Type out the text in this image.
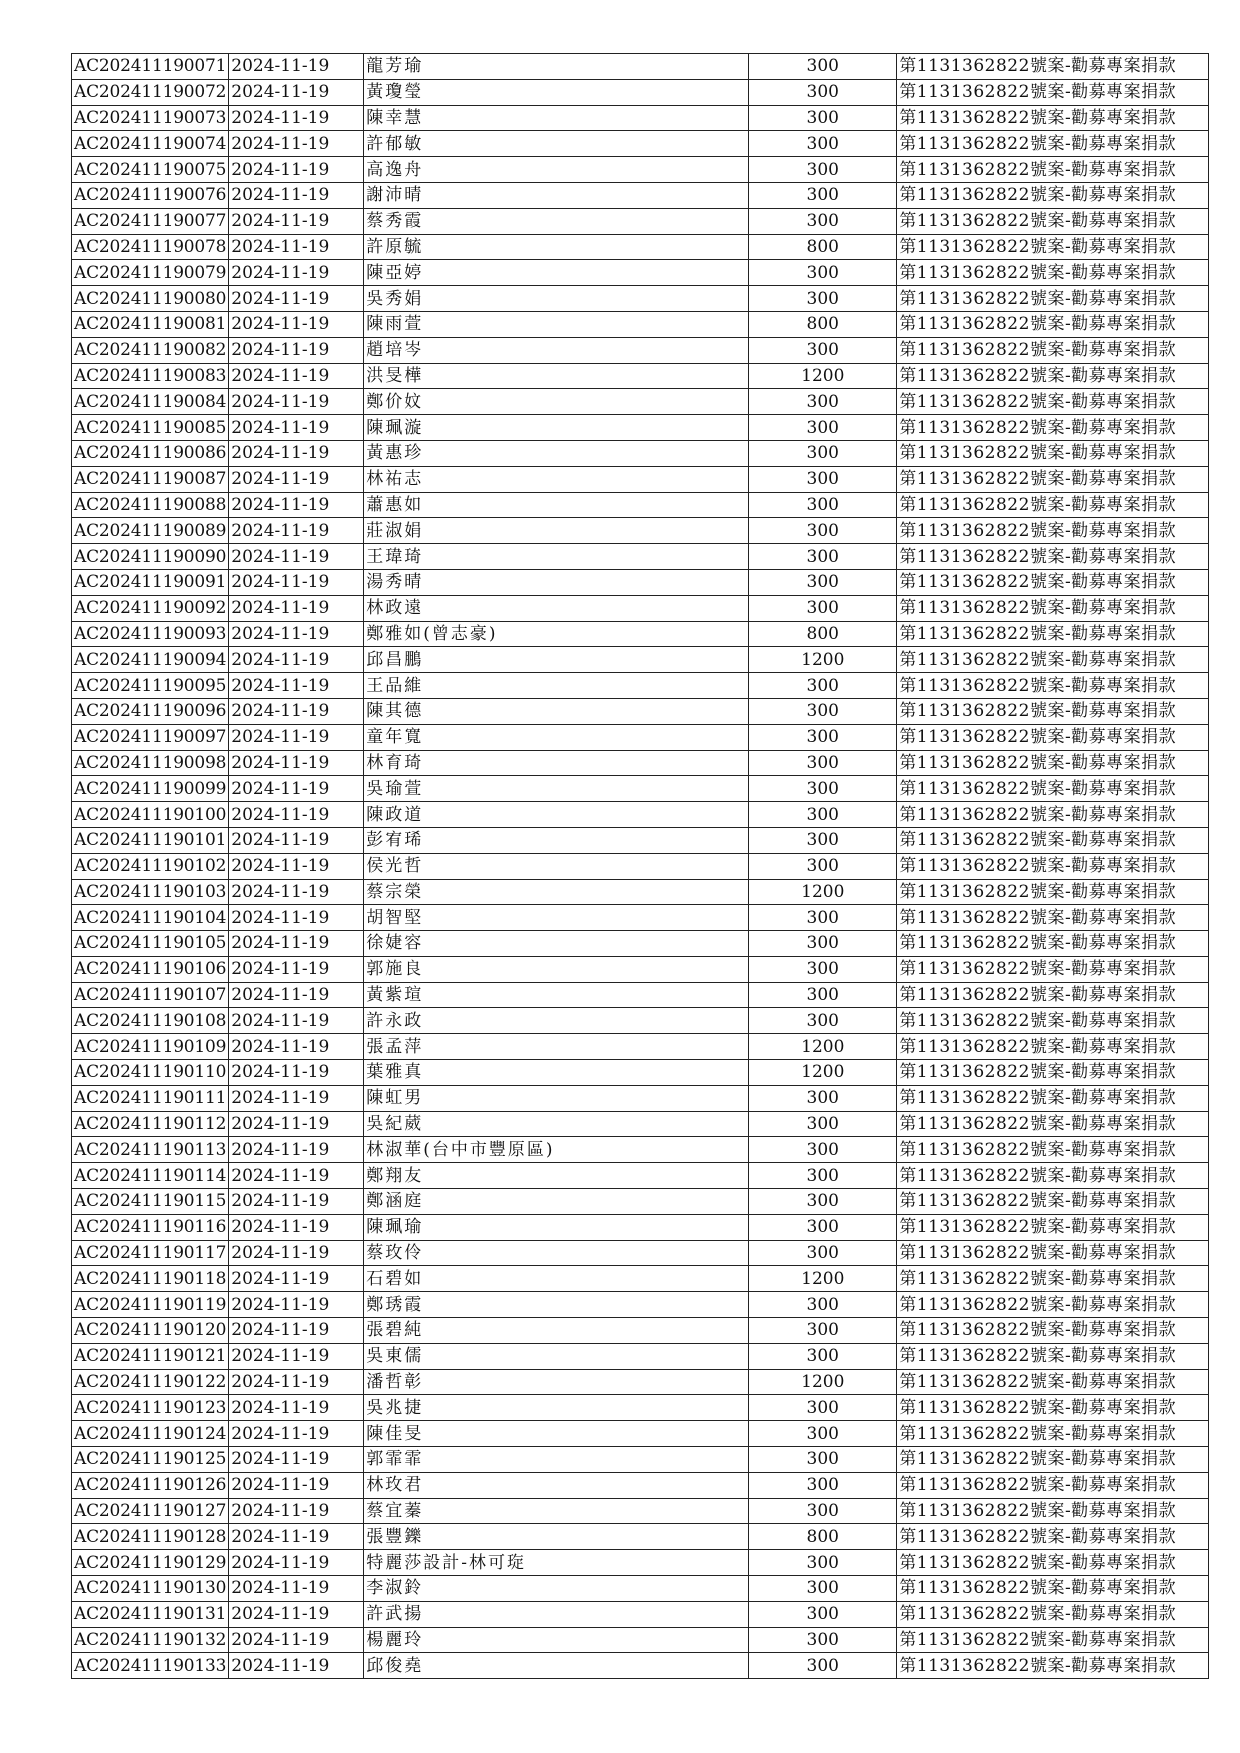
AC202411190071	2024-11-19	龍芳瑜	300	第1131362822號案-勸募專案捐款
AC202411190072	2024-11-19	黃瓊瑩	300	第1131362822號案-勸募專案捐款
AC202411190073	2024-11-19	陳幸慧	300	第1131362822號案-勸募專案捐款
AC202411190074	2024-11-19	許郁敏	300	第1131362822號案-勸募專案捐款
AC202411190075	2024-11-19	高逸舟	300	第1131362822號案-勸募專案捐款
AC202411190076	2024-11-19	謝沛晴	300	第1131362822號案-勸募專案捐款
AC202411190077	2024-11-19	蔡秀霞	300	第1131362822號案-勸募專案捐款
AC202411190078	2024-11-19	許原毓	800	第1131362822號案-勸募專案捐款
AC202411190079	2024-11-19	陳亞婷	300	第1131362822號案-勸募專案捐款
AC202411190080	2024-11-19	吳秀娟	300	第1131362822號案-勸募專案捐款
AC202411190081	2024-11-19	陳雨萱	800	第1131362822號案-勸募專案捐款
AC202411190082	2024-11-19	趙培岑	300	第1131362822號案-勸募專案捐款
AC202411190083	2024-11-19	洪旻樺	1200	第1131362822號案-勸募專案捐款
AC202411190084	2024-11-19	鄭价妏	300	第1131362822號案-勸募專案捐款
AC202411190085	2024-11-19	陳珮漩	300	第1131362822號案-勸募專案捐款
AC202411190086	2024-11-19	黃惠珍	300	第1131362822號案-勸募專案捐款
AC202411190087	2024-11-19	林祐志	300	第1131362822號案-勸募專案捐款
AC202411190088	2024-11-19	蕭惠如	300	第1131362822號案-勸募專案捐款
AC202411190089	2024-11-19	莊淑娟	300	第1131362822號案-勸募專案捐款
AC202411190090	2024-11-19	王瑋琦	300	第1131362822號案-勸募專案捐款
AC202411190091	2024-11-19	湯秀晴	300	第1131362822號案-勸募專案捐款
AC202411190092	2024-11-19	林政遠	300	第1131362822號案-勸募專案捐款
AC202411190093	2024-11-19	鄭雅如(曾志豪)	800	第1131362822號案-勸募專案捐款
AC202411190094	2024-11-19	邱昌鵬	1200	第1131362822號案-勸募專案捐款
AC202411190095	2024-11-19	王品維	300	第1131362822號案-勸募專案捐款
AC202411190096	2024-11-19	陳其德	300	第1131362822號案-勸募專案捐款
AC202411190097	2024-11-19	童年寬	300	第1131362822號案-勸募專案捐款
AC202411190098	2024-11-19	林育琦	300	第1131362822號案-勸募專案捐款
AC202411190099	2024-11-19	吳瑜萱	300	第1131362822號案-勸募專案捐款
AC202411190100	2024-11-19	陳政道	300	第1131362822號案-勸募專案捐款
AC202411190101	2024-11-19	彭宥琋	300	第1131362822號案-勸募專案捐款
AC202411190102	2024-11-19	侯光哲	300	第1131362822號案-勸募專案捐款
AC202411190103	2024-11-19	蔡宗榮	1200	第1131362822號案-勸募專案捐款
AC202411190104	2024-11-19	胡智堅	300	第1131362822號案-勸募專案捐款
AC202411190105	2024-11-19	徐婕容	300	第1131362822號案-勸募專案捐款
AC202411190106	2024-11-19	郭施良	300	第1131362822號案-勸募專案捐款
AC202411190107	2024-11-19	黃紫瑄	300	第1131362822號案-勸募專案捐款
AC202411190108	2024-11-19	許永政	300	第1131362822號案-勸募專案捐款
AC202411190109	2024-11-19	張孟萍	1200	第1131362822號案-勸募專案捐款
AC202411190110	2024-11-19	葉雅真	1200	第1131362822號案-勸募專案捐款
AC202411190111	2024-11-19	陳虹男	300	第1131362822號案-勸募專案捐款
AC202411190112	2024-11-19	吳紀葳	300	第1131362822號案-勸募專案捐款
AC202411190113	2024-11-19	林淑華(台中市豐原區)	300	第1131362822號案-勸募專案捐款
AC202411190114	2024-11-19	鄭翔友	300	第1131362822號案-勸募專案捐款
AC202411190115	2024-11-19	鄭涵庭	300	第1131362822號案-勸募專案捐款
AC202411190116	2024-11-19	陳珮瑜	300	第1131362822號案-勸募專案捐款
AC202411190117	2024-11-19	蔡玫伶	300	第1131362822號案-勸募專案捐款
AC202411190118	2024-11-19	石碧如	1200	第1131362822號案-勸募專案捐款
AC202411190119	2024-11-19	鄭琇霞	300	第1131362822號案-勸募專案捐款
AC202411190120	2024-11-19	張碧純	300	第1131362822號案-勸募專案捐款
AC202411190121	2024-11-19	吳東儒	300	第1131362822號案-勸募專案捐款
AC202411190122	2024-11-19	潘哲彰	1200	第1131362822號案-勸募專案捐款
AC202411190123	2024-11-19	吳兆捷	300	第1131362822號案-勸募專案捐款
AC202411190124	2024-11-19	陳佳旻	300	第1131362822號案-勸募專案捐款
AC202411190125	2024-11-19	郭霏霏	300	第1131362822號案-勸募專案捐款
AC202411190126	2024-11-19	林玫君	300	第1131362822號案-勸募專案捐款
AC202411190127	2024-11-19	蔡宜蓁	300	第1131362822號案-勸募專案捐款
AC202411190128	2024-11-19	張豐鑠	800	第1131362822號案-勸募專案捐款
AC202411190129	2024-11-19	特麗莎設計-林可琁	300	第1131362822號案-勸募專案捐款
AC202411190130	2024-11-19	李淑鈴	300	第1131362822號案-勸募專案捐款
AC202411190131	2024-11-19	許武揚	300	第1131362822號案-勸募專案捐款
AC202411190132	2024-11-19	楊麗玲	300	第1131362822號案-勸募專案捐款
AC202411190133	2024-11-19	邱俊堯	300	第1131362822號案-勸募專案捐款
